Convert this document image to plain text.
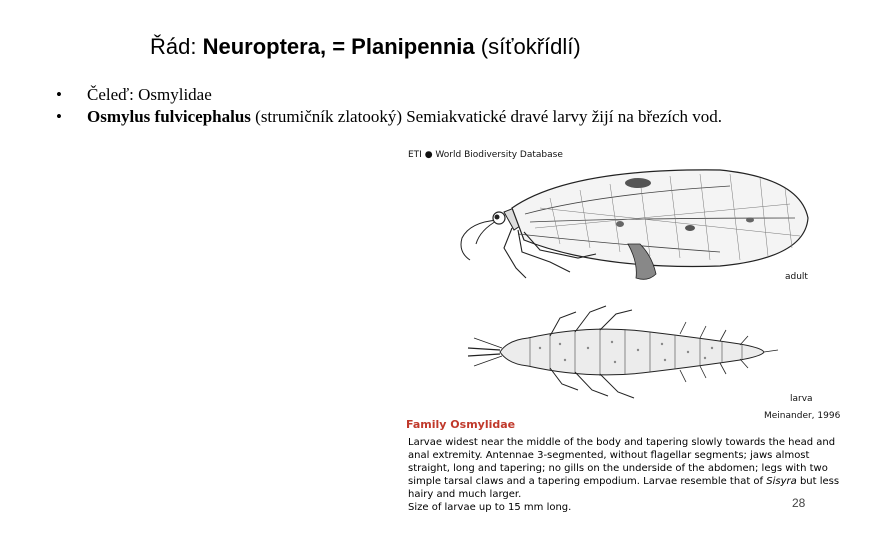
Řád: Neuroptera, = Planipennia (síťokřídlí)
• Čeleď: Osmylidae
• Osmylus fulvicephalus (strumičník zlatooký) Semiakvatické dravé larvy žijí na březích vod.
ETI ● World Biodiversity Database
adult
larva
Meinander, 1996
Family Osmylidae
Larvae widest near the middle of the body and tapering slowly towards the head and anal extremity. Antennae 3-segmented, without flagellar segments; jaws almost straight, long and tapering; no gills on the underside of the abdomen; legs with two simple tarsal claws and a tapering empodium. Larvae resemble that of Sisyra but less hairy and much larger.
Size of larvae up to 15 mm long.	28
